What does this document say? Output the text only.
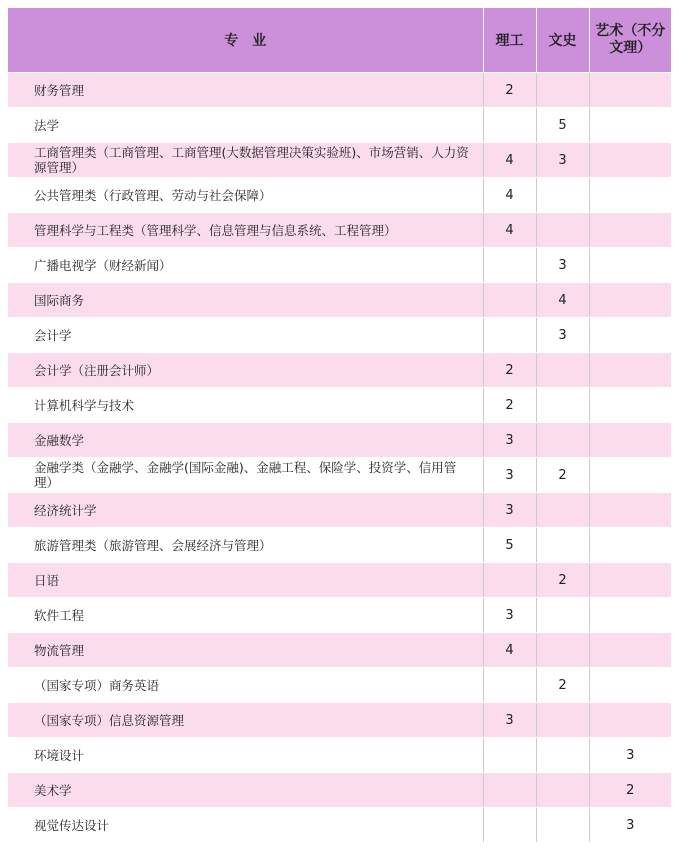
专　业	理工	文史	艺术（不分文理）
财务管理	2		
法学		5	
工商管理类（工商管理、工商管理(大数据管理决策实验班)、市场营销、人力资源管理）	4	3	
公共管理类（行政管理、劳动与社会保障）	4		
管理科学与工程类（管理科学、信息管理与信息系统、工程管理）	4		
广播电视学（财经新闻）		3	
国际商务		4	
会计学		3	
会计学（注册会计师）	2		
计算机科学与技术	2		
金融数学	3		
金融学类（金融学、金融学(国际金融)、金融工程、保险学、投资学、信用管理）	3	2	
经济统计学	3		
旅游管理类（旅游管理、会展经济与管理）	5		
日语		2	
软件工程	3		
物流管理	4		
（国家专项）商务英语		2	
（国家专项）信息资源管理	3		
环境设计			3
美术学			2
视觉传达设计			3
